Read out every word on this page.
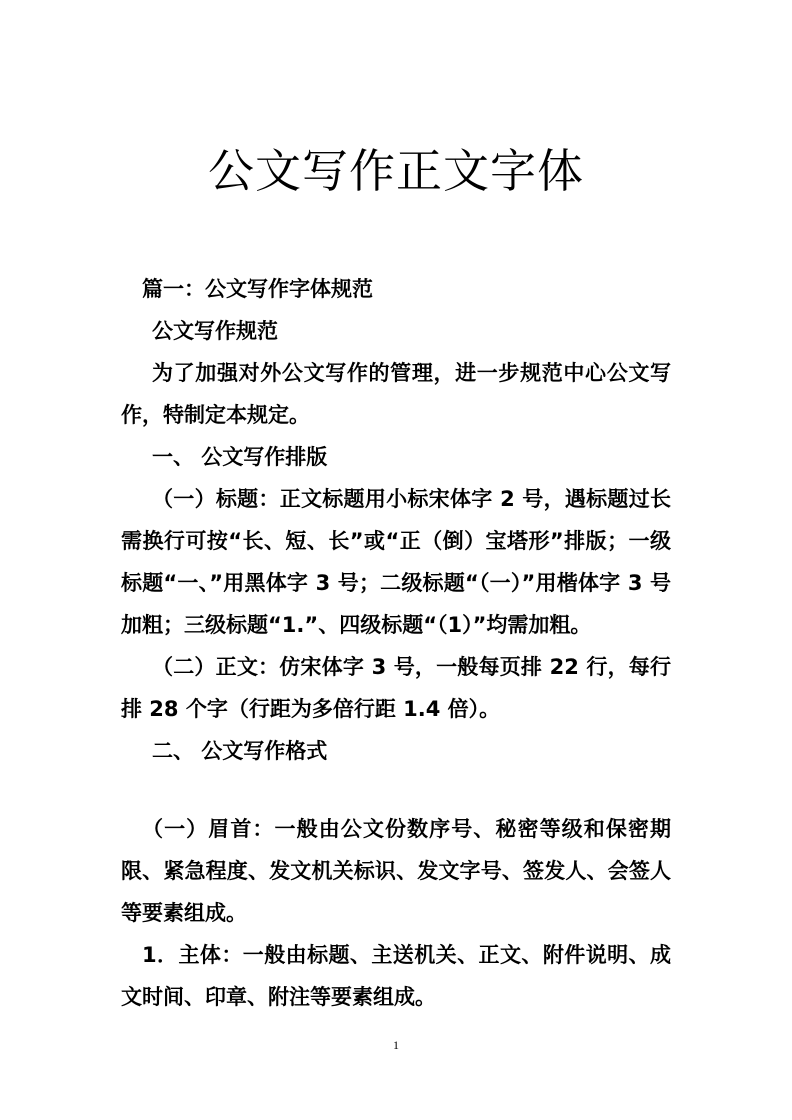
公文写作正文字体

篇一：公文写作字体规范

公文写作规范

为了加强对外公文写作的管理，进一步规范中心公文写作，特制定本规定。

一、 公文写作排版

（一）标题：正文标题用小标宋体字 2 号，遇标题过长需换行可按“长、短、长”或“正（倒）宝塔形”排版；一级标题“一、”用黑体字 3 号；二级标题“（一）”用楷体字 3 号加粗；三级标题“1.”、四级标题“（1）”均需加粗。

（二）正文：仿宋体字 3 号，一般每页排 22 行，每行排 28 个字（行距为多倍行距 1.4 倍）。

二、 公文写作格式

（一）眉首：一般由公文份数序号、秘密等级和保密期限、紧急程度、发文机关标识、发文字号、签发人、会签人等要素组成。

1．主体：一般由标题、主送机关、正文、附件说明、成文时间、印章、附注等要素组成。

1
